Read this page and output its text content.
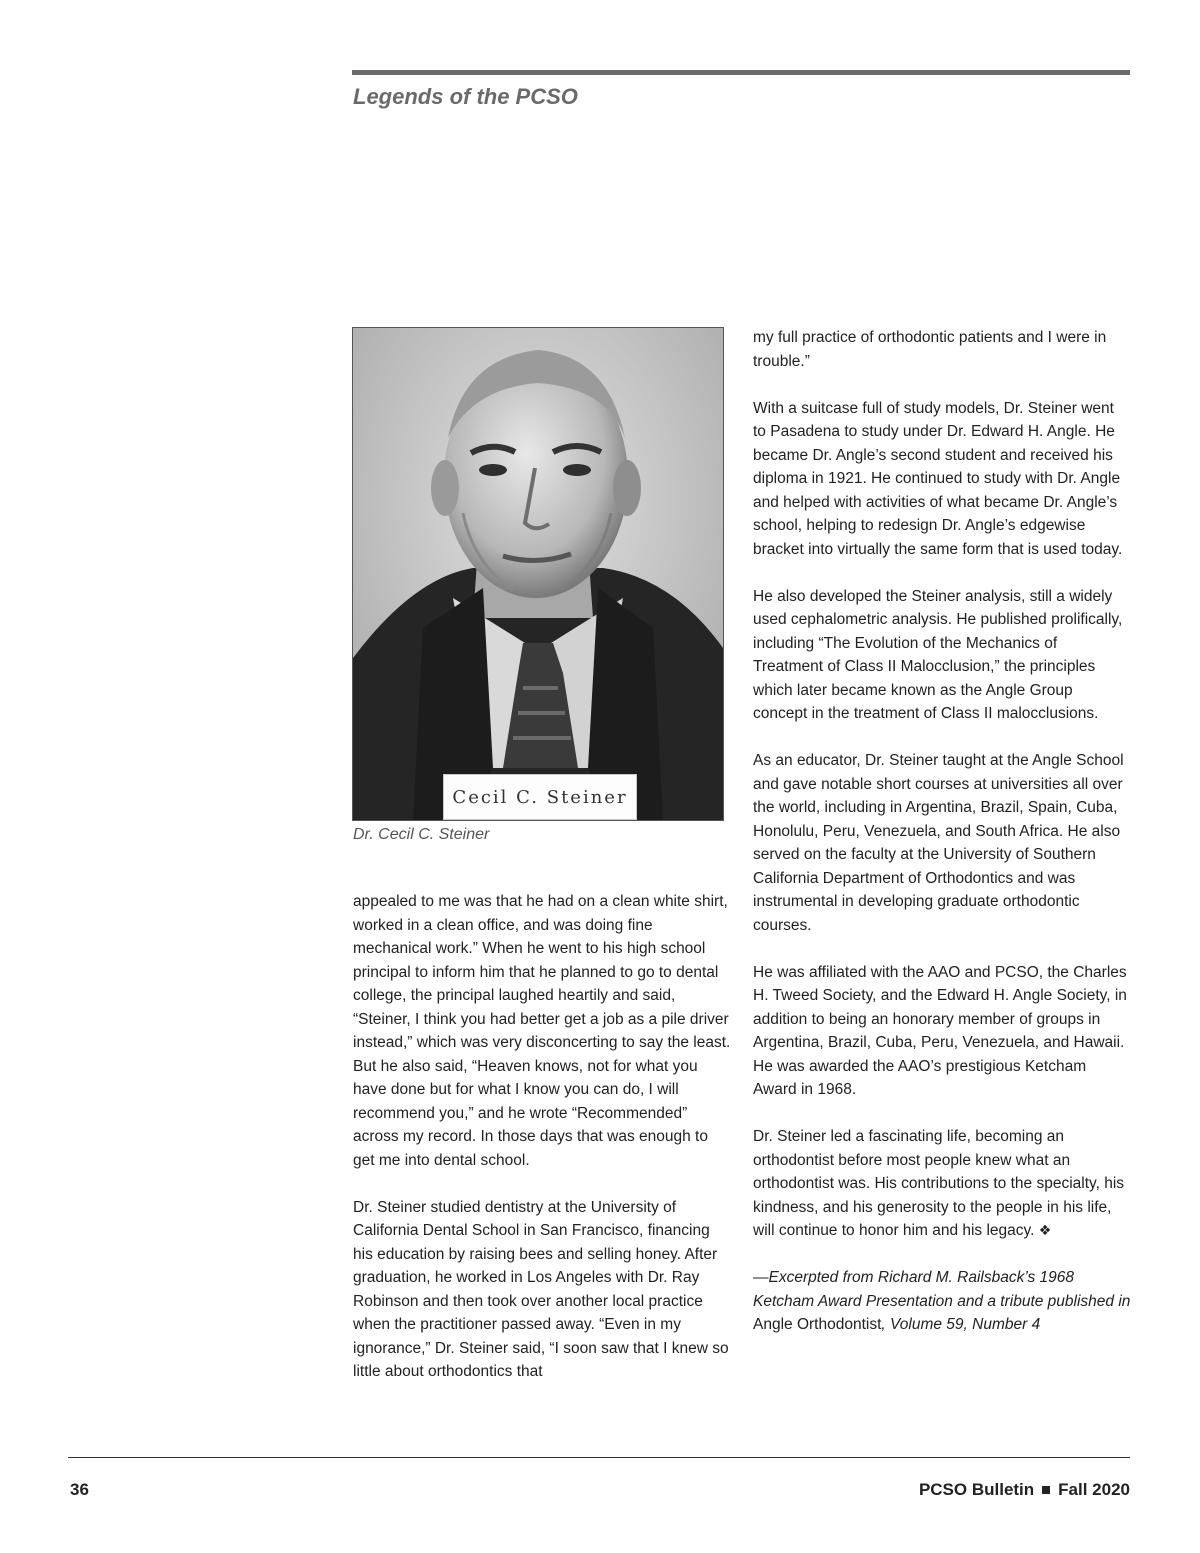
Legends of the PCSO
Cecil C. Steiner

Dr. Cecil C. Steiner

appealed to me was that he had on a clean white shirt, worked in a clean office, and was doing fine mechanical work.” When he went to his high school principal to inform him that he planned to go to dental college, the principal laughed heartily and said, “Steiner, I think you had better get a job as a pile driver instead,” which was very disconcerting to say the least. But he also said, “Heaven knows, not for what you have done but for what I know you can do, I will recommend you,” and he wrote “Recommended” across my record. In those days that was enough to get me into dental school.

Dr. Steiner studied dentistry at the University of California Dental School in San Francisco, financing his education by raising bees and selling honey. After graduation, he worked in Los Angeles with Dr. Ray Robinson and then took over another local practice when the practitioner passed away. “Even in my ignorance,” Dr. Steiner said, “I soon saw that I knew so little about orthodontics that

my full practice of orthodontic patients and I were in trouble.”

With a suitcase full of study models, Dr. Steiner went to Pasadena to study under Dr. Edward H. Angle. He became Dr. Angle’s second student and received his diploma in 1921. He continued to study with Dr. Angle and helped with activities of what became Dr. Angle’s school, helping to redesign Dr. Angle’s edgewise bracket into virtually the same form that is used today.

He also developed the Steiner analysis, still a widely used cephalometric analysis. He published prolifically, including “The Evolution of the Mechanics of Treatment of Class II Malocclusion,” the principles which later became known as the Angle Group concept in the treatment of Class II malocclusions.

As an educator, Dr. Steiner taught at the Angle School and gave notable short courses at universities all over the world, including in Argentina, Brazil, Spain, Cuba, Honolulu, Peru, Venezuela, and South Africa. He also served on the faculty at the University of Southern California Department of Orthodontics and was instrumental in developing graduate orthodontic courses.

He was affiliated with the AAO and PCSO, the Charles H. Tweed Society, and the Edward H. Angle Society, in addition to being an honorary member of groups in Argentina, Brazil, Cuba, Peru, Venezuela, and Hawaii. He was awarded the AAO’s prestigious Ketcham Award in 1968.

Dr. Steiner led a fascinating life, becoming an orthodontist before most people knew what an orthodontist was. His contributions to the specialty, his kindness, and his generosity to the people in his life, will continue to honor him and his legacy. ❖

—Excerpted from Richard M. Railsback’s 1968 Ketcham Award Presentation and a tribute published in Angle Orthodontist, Volume 59, Number 4

36	PCSO Bulletin Fall 2020
